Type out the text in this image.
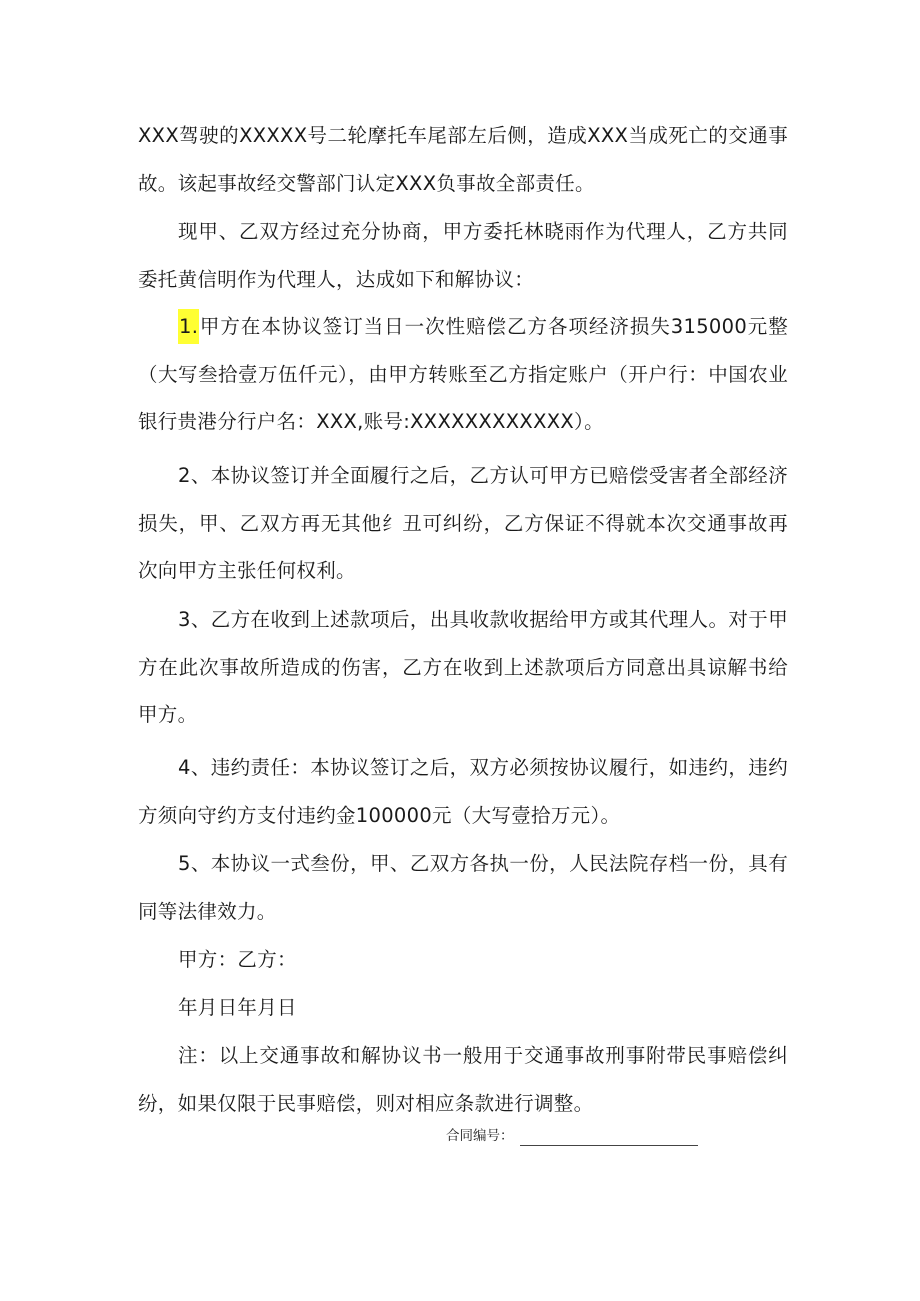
XXX驾驶的XXXXX号二轮摩托车尾部左后侧，造成XXX当成死亡的交通事故。该起事故经交警部门认定XXX负事故全部责任。

现甲、乙双方经过充分协商，甲方委托林晓雨作为代理人，乙方共同委托黄信明作为代理人，达成如下和解协议：

1.甲方在本协议签订当日一次性赔偿乙方各项经济损失315000元整（大写叁拾壹万伍仟元），由甲方转账至乙方指定账户（开户行：中国农业银行贵港分行户名：XXX,账号:XXXXXXXXXXXX）。

2、本协议签订并全面履行之后，乙方认可甲方已赔偿受害者全部经济损失，甲、乙双方再无其他纟丑可纠纷，乙方保证不得就本次交通事故再次向甲方主张任何权利。

3、乙方在收到上述款项后，出具收款收据给甲方或其代理人。对于甲方在此次事故所造成的伤害，乙方在收到上述款项后方同意出具谅解书给甲方。

4、违约责任：本协议签订之后，双方必须按协议履行，如违约，违约方须向守约方支付违约金100000元（大写壹拾万元）。

5、本协议一式叁份，甲、乙双方各执一份，人民法院存档一份，具有同等法律效力。

甲方：乙方：

年月日年月日

注：以上交通事故和解协议书一般用于交通事故刑事附带民事赔偿纠纷，如果仅限于民事赔偿，则对相应条款进行调整。

合同编号：
